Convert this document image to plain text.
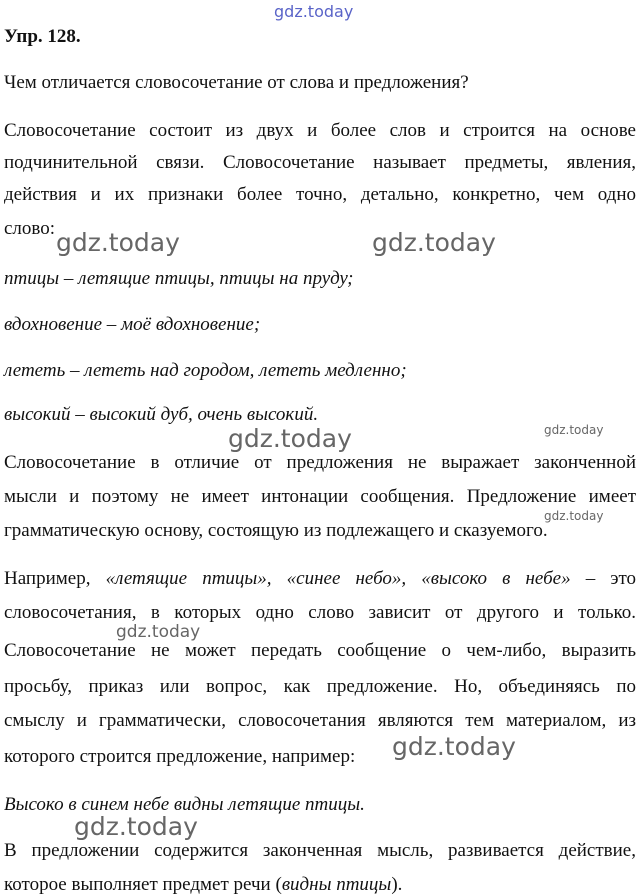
gdz.today
Упр. 128.
Чем отличается словосочетание от слова и предложения?
Словосочетание состоит из двух и более слов и строится на основе
подчинительной связи. Словосочетание называет предметы, явления,
действия и их признаки более точно, детально, конкретно, чем одно
слово:
птицы – летящие птицы, птицы на пруду;
вдохновение – моё вдохновение;
лететь – лететь над городом, лететь медленно;
высокий – высокий дуб, очень высокий.
Словосочетание в отличие от предложения не выражает законченной
мысли и поэтому не имеет интонации сообщения. Предложение имеет
грамматическую основу, состоящую из подлежащего и сказуемого.
Например, «летящие птицы», «синее небо», «высоко в небе» – это
словосочетания, в которых одно слово зависит от другого и только.
Словосочетание не может передать сообщение о чем-либо, выразить
просьбу, приказ или вопрос, как предложение. Но, объединяясь по
смыслу и грамматически, словосочетания являются тем материалом, из
которого строится предложение, например:
Высоко в синем небе видны летящие птицы.
В предложении содержится законченная мысль, развивается действие,
которое выполняет предмет речи (видны птицы).
gdz.today	gdz.today
gdz.today
gdz.today
gdz.today
gdz.today
gdz.today
gdz.today
